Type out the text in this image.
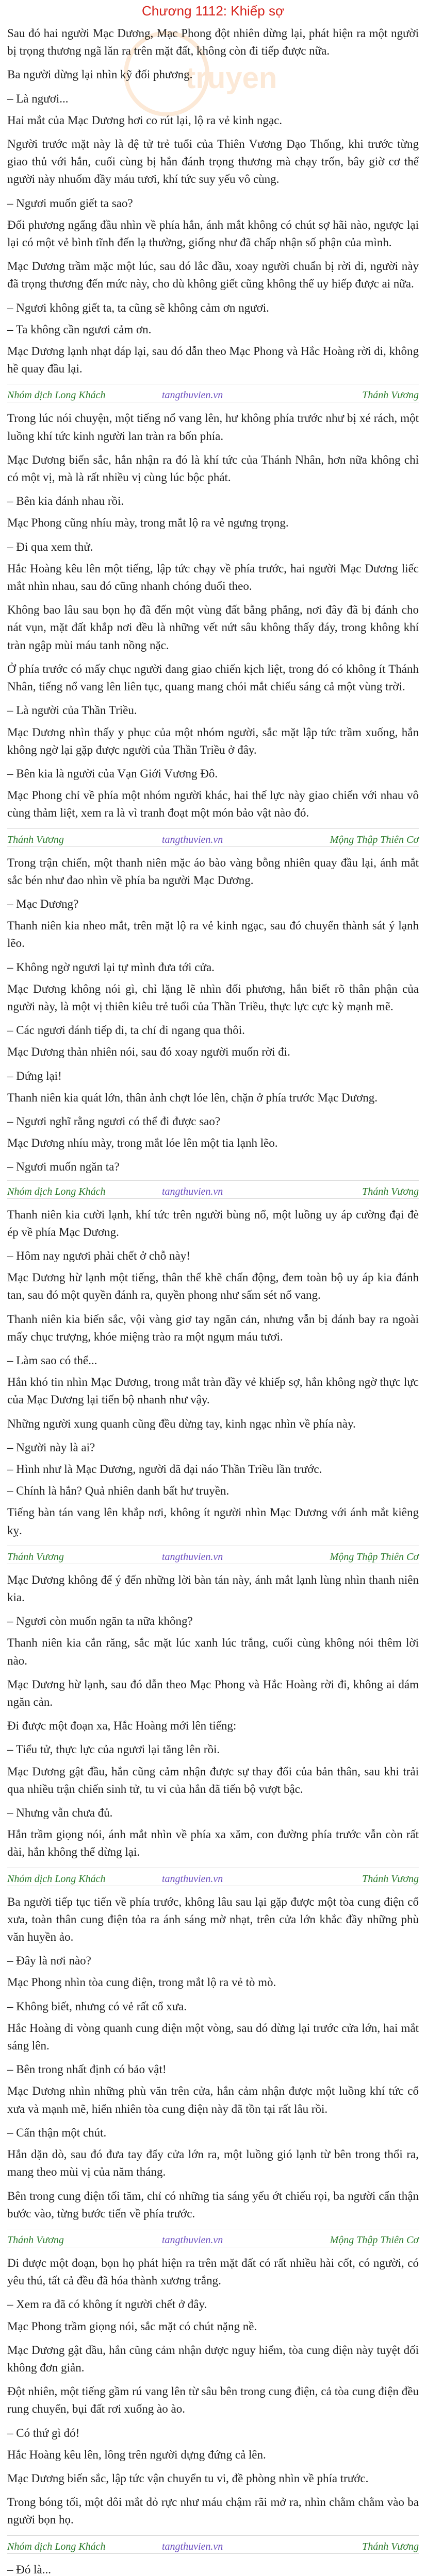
Chương 1112: Khiếp sợ
truyen

Sau đó hai người Mạc Dương, Mạc Phong đột nhiên dừng lại, phát hiện ra một người bị trọng thương ngã lăn ra trên mặt đất, không còn đi tiếp được nữa.

Ba người dừng lại nhìn kỹ đối phương.

– Là ngươi...

Hai mắt của Mạc Dương hơi co rút lại, lộ ra vẻ kinh ngạc.

Người trước mặt này là đệ tử trẻ tuổi của Thiên Vương Đạo Thống, khi trước từng giao thủ với hắn, cuối cùng bị hắn đánh trọng thương mà chạy trốn, bây giờ cơ thể người này nhuốm đầy máu tươi, khí tức suy yếu vô cùng.

– Ngươi muốn giết ta sao?

Đối phương ngẩng đầu nhìn về phía hắn, ánh mắt không có chút sợ hãi nào, ngược lại lại có một vẻ bình tĩnh đến lạ thường, giống như đã chấp nhận số phận của mình.

Mạc Dương trầm mặc một lúc, sau đó lắc đầu, xoay người chuẩn bị rời đi, người này đã trọng thương đến mức này, cho dù không giết cũng không thể uy hiếp được ai nữa.

– Ngươi không giết ta, ta cũng sẽ không cảm ơn ngươi.

– Ta không cần ngươi cảm ơn.

Mạc Dương lạnh nhạt đáp lại, sau đó dẫn theo Mạc Phong và Hắc Hoàng rời đi, không hề quay đầu lại.

Nhóm dịch Long Khách	tangthuvien.vn	Thánh Vương

Trong lúc nói chuyện, một tiếng nổ vang lên, hư không phía trước như bị xé rách, một luồng khí tức kinh người lan tràn ra bốn phía.

Mạc Dương biến sắc, hắn nhận ra đó là khí tức của Thánh Nhân, hơn nữa không chỉ có một vị, mà là rất nhiều vị cùng lúc bộc phát.

– Bên kia đánh nhau rồi.

Mạc Phong cũng nhíu mày, trong mắt lộ ra vẻ ngưng trọng.

– Đi qua xem thử.

Hắc Hoàng kêu lên một tiếng, lập tức chạy về phía trước, hai người Mạc Dương liếc mắt nhìn nhau, sau đó cũng nhanh chóng đuổi theo.

Không bao lâu sau bọn họ đã đến một vùng đất bằng phẳng, nơi đây đã bị đánh cho nát vụn, mặt đất khắp nơi đều là những vết nứt sâu không thấy đáy, trong không khí tràn ngập mùi máu tanh nồng nặc.

Ở phía trước có mấy chục người đang giao chiến kịch liệt, trong đó có không ít Thánh Nhân, tiếng nổ vang lên liên tục, quang mang chói mắt chiếu sáng cả một vùng trời.

– Là người của Thần Triều.

Mạc Dương nhìn thấy y phục của một nhóm người, sắc mặt lập tức trầm xuống, hắn không ngờ lại gặp được người của Thần Triều ở đây.

– Bên kia là người của Vạn Giới Vương Đô.

Mạc Phong chỉ về phía một nhóm người khác, hai thế lực này giao chiến với nhau vô cùng thảm liệt, xem ra là vì tranh đoạt một món bảo vật nào đó.

Thánh Vương	tangthuvien.vn	Mộng Thập Thiên Cơ

Trong trận chiến, một thanh niên mặc áo bào vàng bỗng nhiên quay đầu lại, ánh mắt sắc bén như đao nhìn về phía ba người Mạc Dương.

– Mạc Dương?

Thanh niên kia nheo mắt, trên mặt lộ ra vẻ kinh ngạc, sau đó chuyển thành sát ý lạnh lẽo.

– Không ngờ ngươi lại tự mình đưa tới cửa.

Mạc Dương không nói gì, chỉ lặng lẽ nhìn đối phương, hắn biết rõ thân phận của người này, là một vị thiên kiêu trẻ tuổi của Thần Triều, thực lực cực kỳ mạnh mẽ.

– Các ngươi đánh tiếp đi, ta chỉ đi ngang qua thôi.

Mạc Dương thản nhiên nói, sau đó xoay người muốn rời đi.

– Đứng lại!

Thanh niên kia quát lớn, thân ảnh chợt lóe lên, chặn ở phía trước Mạc Dương.

– Ngươi nghĩ rằng ngươi có thể đi được sao?

Mạc Dương nhíu mày, trong mắt lóe lên một tia lạnh lẽo.

– Ngươi muốn ngăn ta?

Nhóm dịch Long Khách	tangthuvien.vn	Thánh Vương

Thanh niên kia cười lạnh, khí tức trên người bùng nổ, một luồng uy áp cường đại đè ép về phía Mạc Dương.

– Hôm nay ngươi phải chết ở chỗ này!

Mạc Dương hừ lạnh một tiếng, thân thể khẽ chấn động, đem toàn bộ uy áp kia đánh tan, sau đó một quyền đánh ra, quyền phong như sấm sét nổ vang.

Thanh niên kia biến sắc, vội vàng giơ tay ngăn cản, nhưng vẫn bị đánh bay ra ngoài mấy chục trượng, khóe miệng trào ra một ngụm máu tươi.

– Làm sao có thể...

Hắn khó tin nhìn Mạc Dương, trong mắt tràn đầy vẻ khiếp sợ, hắn không ngờ thực lực của Mạc Dương lại tiến bộ nhanh như vậy.

Những người xung quanh cũng đều dừng tay, kinh ngạc nhìn về phía này.

– Người này là ai?

– Hình như là Mạc Dương, người đã đại náo Thần Triều lần trước.

– Chính là hắn? Quả nhiên danh bất hư truyền.

Tiếng bàn tán vang lên khắp nơi, không ít người nhìn Mạc Dương với ánh mắt kiêng kỵ.

Thánh Vương	tangthuvien.vn	Mộng Thập Thiên Cơ

Mạc Dương không để ý đến những lời bàn tán này, ánh mắt lạnh lùng nhìn thanh niên kia.

– Ngươi còn muốn ngăn ta nữa không?

Thanh niên kia cắn răng, sắc mặt lúc xanh lúc trắng, cuối cùng không nói thêm lời nào.

Mạc Dương hừ lạnh, sau đó dẫn theo Mạc Phong và Hắc Hoàng rời đi, không ai dám ngăn cản.

Đi được một đoạn xa, Hắc Hoàng mới lên tiếng:

– Tiểu tử, thực lực của ngươi lại tăng lên rồi.

Mạc Dương gật đầu, hắn cũng cảm nhận được sự thay đổi của bản thân, sau khi trải qua nhiều trận chiến sinh tử, tu vi của hắn đã tiến bộ vượt bậc.

– Nhưng vẫn chưa đủ.

Hắn trầm giọng nói, ánh mắt nhìn về phía xa xăm, con đường phía trước vẫn còn rất dài, hắn không thể dừng lại.

Nhóm dịch Long Khách	tangthuvien.vn	Thánh Vương

Ba người tiếp tục tiến về phía trước, không lâu sau lại gặp được một tòa cung điện cổ xưa, toàn thân cung điện tỏa ra ánh sáng mờ nhạt, trên cửa lớn khắc đầy những phù văn huyền ảo.

– Đây là nơi nào?

Mạc Phong nhìn tòa cung điện, trong mắt lộ ra vẻ tò mò.

– Không biết, nhưng có vẻ rất cổ xưa.

Hắc Hoàng đi vòng quanh cung điện một vòng, sau đó dừng lại trước cửa lớn, hai mắt sáng lên.

– Bên trong nhất định có bảo vật!

Mạc Dương nhìn những phù văn trên cửa, hắn cảm nhận được một luồng khí tức cổ xưa và mạnh mẽ, hiển nhiên tòa cung điện này đã tồn tại rất lâu rồi.

– Cẩn thận một chút.

Hắn dặn dò, sau đó đưa tay đẩy cửa lớn ra, một luồng gió lạnh từ bên trong thổi ra, mang theo mùi vị của năm tháng.

Bên trong cung điện tối tăm, chỉ có những tia sáng yếu ớt chiếu rọi, ba người cẩn thận bước vào, từng bước tiến về phía trước.

Thánh Vương	tangthuvien.vn	Mộng Thập Thiên Cơ

Đi được một đoạn, bọn họ phát hiện ra trên mặt đất có rất nhiều hài cốt, có người, có yêu thú, tất cả đều đã hóa thành xương trắng.

– Xem ra đã có không ít người chết ở đây.

Mạc Phong trầm giọng nói, sắc mặt có chút nặng nề.

Mạc Dương gật đầu, hắn cũng cảm nhận được nguy hiểm, tòa cung điện này tuyệt đối không đơn giản.

Đột nhiên, một tiếng gầm rú vang lên từ sâu bên trong cung điện, cả tòa cung điện đều rung chuyển, bụi đất rơi xuống ào ào.

– Có thứ gì đó!

Hắc Hoàng kêu lên, lông trên người dựng đứng cả lên.

Mạc Dương biến sắc, lập tức vận chuyển tu vi, đề phòng nhìn về phía trước.

Trong bóng tối, một đôi mắt đỏ rực như máu chậm rãi mở ra, nhìn chằm chằm vào ba người bọn họ.

Nhóm dịch Long Khách	tangthuvien.vn	Thánh Vương

– Đó là...
